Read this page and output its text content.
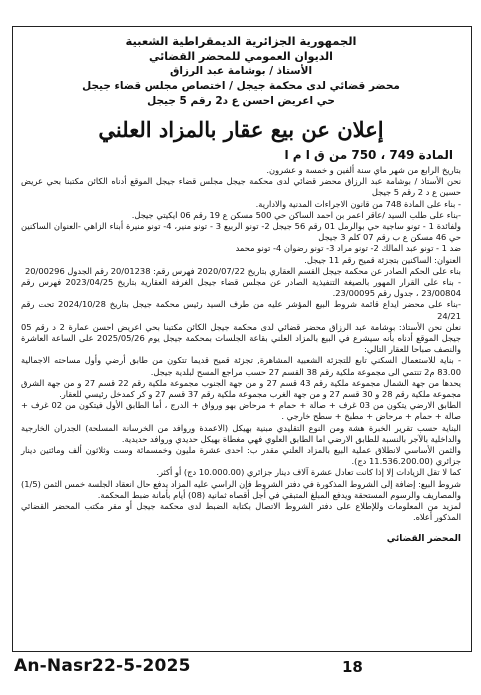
الجمهورية الجزائرية الديمقراطية الشعبية
الديوان العمومي للمحضر القضائي
الأستاذ / بوشامة عبد الرزاق
محضر قضائي لدى محكمة جيجل / اختصاص مجلس قضاء جيجل
حي اعريض احسن ع د2 رقم 5 جيجل
إعلان عن بيع عقار بالمزاد العلني
المادة 749 ، 750 من ق ا م ا

بتاريخ الرابع من شهر ماي سنة ألفين و خمسة و عشرون.

نحن الأستاذ / بوشامة عبد الرزاق محضر قضائي لدى محكمة جيجل مجلس قضاء جيجل الموقع أدناه الكائن مكتبنا بحي عريض حسين ع د 2 رقم 5 جيجل

- بناء على المادة 748 من قانون الاجراءات المدنية والادارية.

-بناء على طلب السيد /عاقر اعمر بن احمد الساكن حي 500 مسكن ع 19 رقم 06 ايكيتي جيجل.

ولفائدة 1 - تونو ساجية حي بوالرمل 01 رقم 56 جيجل 2- تونو الربيع 3 - تونو منير، 4- تونو منيرة أبناء الزاهي -العنوان الساكنين حي 46 مسكن ع ب رقم 07 كلم 3 جيجل

ضد 1 - تونو عبد المالك 2- تونو مراد 3- تونو رضوان 4- تونو محمد

العنوان: الساكنين بتجزئة قميح رقم 11 جيجل.

بناء على الحكم الصادر عن محكمة جيجل القسم العقاري بتاريخ 2020/07/22 فهرس رقم: 20/01238 رقم الجدول 20/00296

- بناء على القرار المهور بالصيغة التنفيذية الصادر عن مجلس قضاء جيجل الغرفة العقارية بتاريخ 2023/04/25 فهرس رقم 23/00804 ، جدول رقم 23/00095.

-بناء على محضر ايداع قائمة شروط البيع المؤشر عليه من طرف السيد رئيس محكمة جيجل بتاريخ 2024/10/28 تحت رقم 24/21

نعلن نحن الأستاذ: بوشامة عبد الرزاق محضر قضائي لدى محكمة جيجل الكائن مكتبنا بحي اعريض احسن عمارة 2 د رقم 05 جيجل الموقع أدناه بأنه سيشرع في البيع بالمزاد العلني بقاعة الجلسات بمحكمة جيجل يوم 2025/05/26 على الساعة العاشرة والنصف صباحا للعقار التالي:

- بناية للاستعمال السكني تابع للتجزئة الشعبية المشاهرة, تجزئة قميح قديما تتكون من طابق أرضي وأول مساحته الاجمالية 83.00 م2 تنتمي الى مجموعة ملكية رقم 38 القسم 27 حسب مراجع المسح لبلدية جيجل.

يحدها من جهة الشمال مجموعة ملكية رقم 43 قسم 27 و من جهة الجنوب مجموعة ملكية رقم 22 قسم 27 و من جهة الشرق مجموعة ملكية رقم 28 و 30 قسم 27 و من جهة الغرب مجموعة ملكية رقم 37 قسم 27 و كر كمدخل رئيسي للعقار.

الطابق الارضي يتكون من 03 غرف + صالة + حمام + مرحاض بهو ورواق + الدرج ، أما الطابق الأول فيتكون من 02 غرف + صالة + حمام + مرحاض + مطبخ + سطح خارجي .

البناية حسب تقرير الخبرة هشة ومن النوع التقليدي مبنية بهيكل (الاعمدة وروافد من الخرسانة المسلحة) الجدران الخارجية والداخلية بالآجر بالنسبة للطابق الارضي اما الطابق العلوي فهي مغطاة بهيكل حديدي وروافد حديدية.

والثمن الأساسي لانطلاق عملية البيع بالمزاد العلني مقدر ب: احدى عشرة مليون وخمسمائة وست وثلاثون ألف ومائتين دينار جزائري (11.536.200.00 دج).

كما لا تقل الزيادات إلا إذا كانت تعادل عشرة آلاف دينار جزائري (10.000.00 دج) أو أكثر.

شروط البيع: إضافة إلى الشروط المذكورة في دفتر الشروط فإن الراسي عليه المزاد يدفع حال انعقاد الجلسة خمس الثمن (1/5) والمصاريف والرسوم المستحقة ويدفع المبلغ المتبقي في أجل أقصاه ثمانية (08) أيام بأمانة ضبط المحكمة.

لمزيد من المعلومات وللإطلاع على دفتر الشروط الاتصال بكتابة الضبط لدى محكمة جيجل أو مقر مكتب المحضر القضائي المذكور أعلاه.

المحضر القضائي
An-Nasr22-5-2025	18
